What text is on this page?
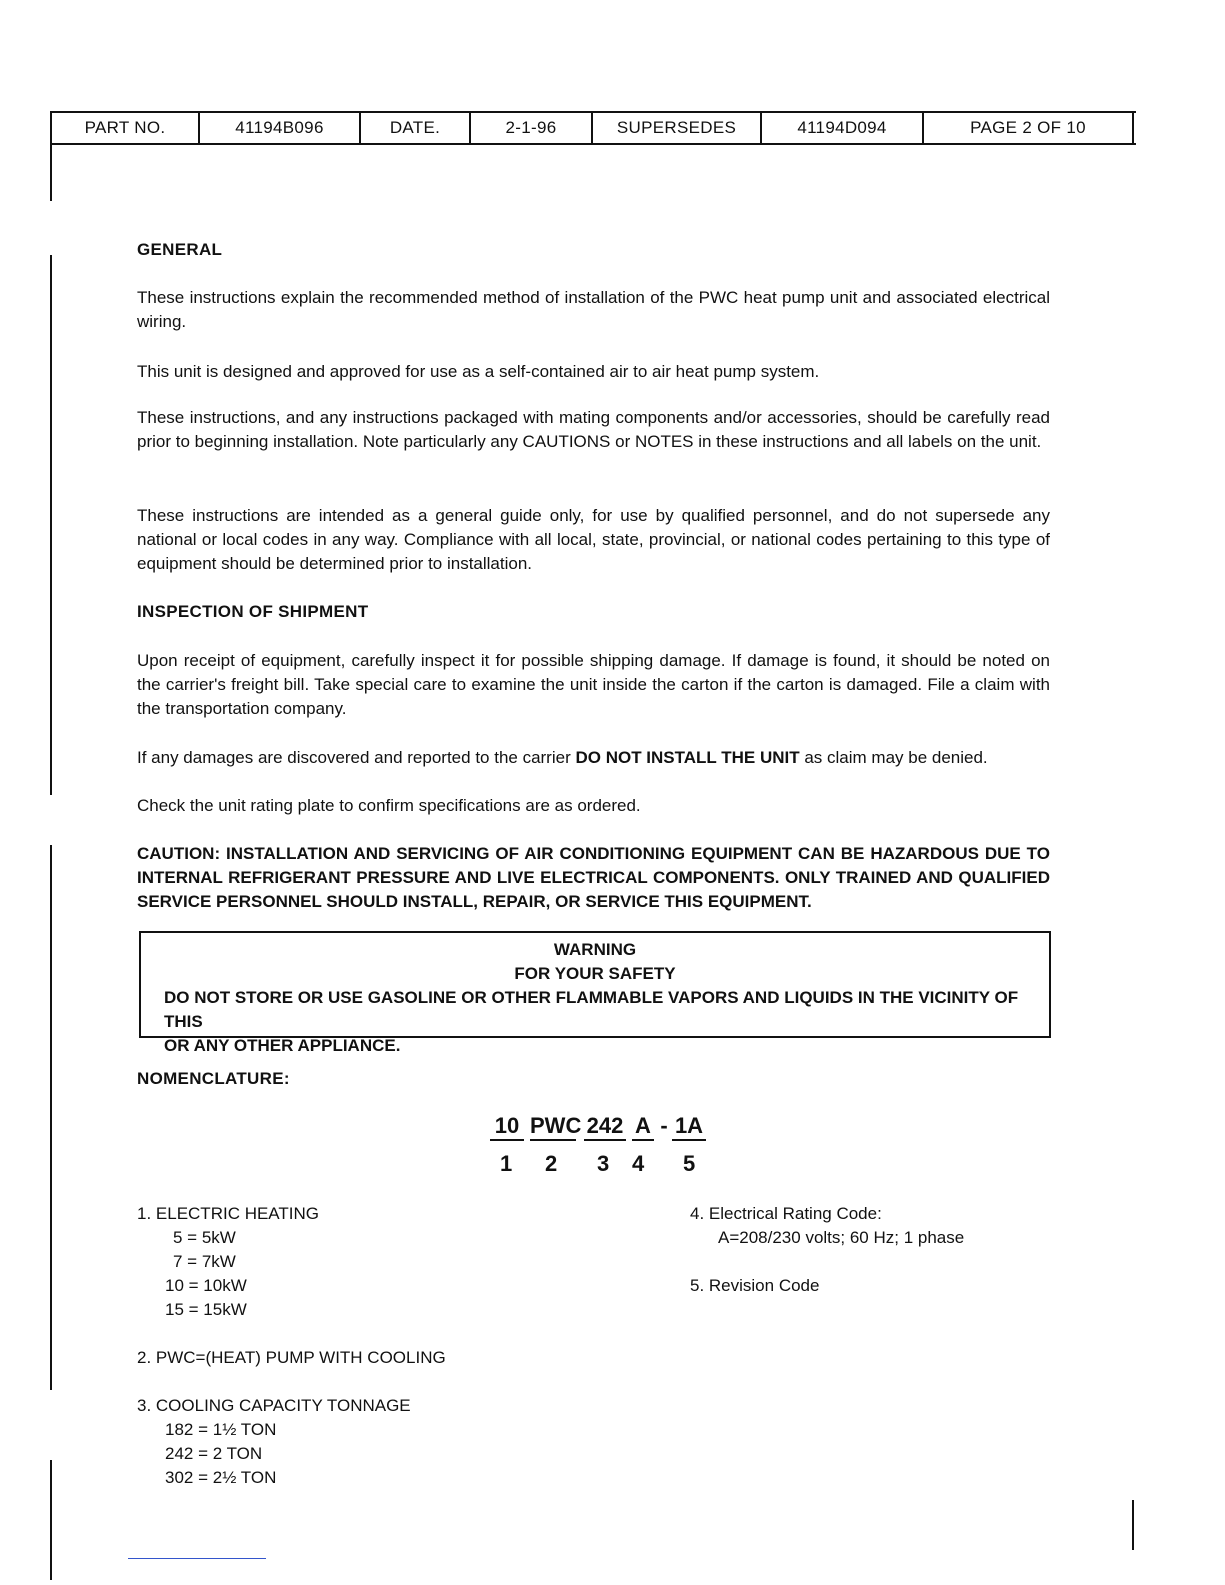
PART NO.	41194B096	DATE.	2-1-96	SUPERSEDES	41194D094	PAGE 2 OF 10
GENERAL
These instructions explain the recommended method of installation of the PWC heat pump unit and associated electrical wiring.
This unit is designed and approved for use as a self-contained air to air heat pump system.
These instructions, and any instructions packaged with mating components and/or accessories, should be carefully read prior to beginning installation. Note particularly any CAUTIONS or NOTES in these instructions and all labels on the unit.
These instructions are intended as a general guide only, for use by qualified personnel, and do not supersede any national or local codes in any way. Compliance with all local, state, provincial, or national codes pertaining to this type of equipment should be determined prior to installation.
INSPECTION OF SHIPMENT
Upon receipt of equipment, carefully inspect it for possible shipping damage. If damage is found, it should be noted on the carrier's freight bill. Take special care to examine the unit inside the carton if the carton is damaged. File a claim with the transportation company.
If any damages are discovered and reported to the carrier DO NOT INSTALL THE UNIT as claim may be denied.
Check the unit rating plate to confirm specifications are as ordered.
CAUTION: INSTALLATION AND SERVICING OF AIR CONDITIONING EQUIPMENT CAN BE HAZARDOUS DUE TO INTERNAL REFRIGERANT PRESSURE AND LIVE ELECTRICAL COMPONENTS. ONLY TRAINED AND QUALIFIED SERVICE PERSONNEL SHOULD INSTALL, REPAIR, OR SERVICE THIS EQUIPMENT.
WARNING
FOR YOUR SAFETY
DO NOT STORE OR USE GASOLINE OR OTHER FLAMMABLE VAPORS AND LIQUIDS IN THE VICINITY OF THIS
OR ANY OTHER APPLIANCE.
NOMENCLATURE:
10 PWC 242 A - 1A
1 2 3 4 5
1. ELECTRIC HEATING
5 = 5kW
7 = 7kW
10 = 10kW
15 = 15kW
2. PWC=(HEAT) PUMP WITH COOLING
3. COOLING CAPACITY TONNAGE
182 = 1½ TON
242 = 2 TON
302 = 2½ TON
4. Electrical Rating Code:
A=208/230 volts; 60 Hz; 1 phase
5. Revision Code
